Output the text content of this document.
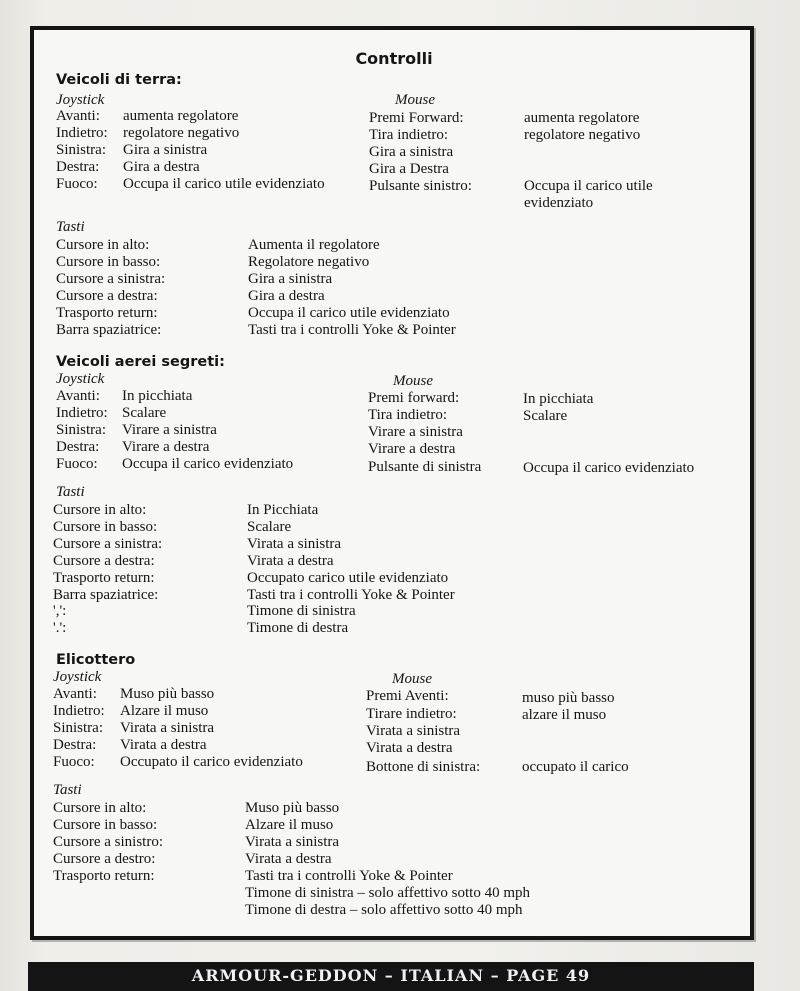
Controlli
Veicoli di terra:
Joystick	Mouse
Avanti: aumenta regolatore
Indietro: regolatore negativo
Sinistra: Gira a sinistra
Destra: Gira a destra
Fuoco: Occupa il carico utile evidenziato
Premi Forward:	aumenta regolatore
Tira indietro:	regolatore negativo
Gira a sinistra
Gira a Destra
Pulsante sinistro:	Occupa il carico utile
evidenziato
Tasti
Cursore in alto:	Aumenta il regolatore
Cursore in basso:	Regolatore negativo
Cursore a sinistra:	Gira a sinistra
Cursore a destra:	Gira a destra
Trasporto return:	Occupa il carico utile evidenziato
Barra spaziatrice:	Tasti tra i controlli Yoke & Pointer
Veicoli aerei segreti:
Joystick	Mouse
Avanti: In picchiata
Indietro: Scalare
Sinistra: Virare a sinistra
Destra: Virare a destra
Fuoco: Occupa il carico evidenziato
Premi forward:	In picchiata
Tira indietro:	Scalare
Virare a sinistra
Virare a destra
Pulsante di sinistra	Occupa il carico evidenziato
Tasti
Cursore in alto:	In Picchiata
Cursore in basso:	Scalare
Cursore a sinistra:	Virata a sinistra
Cursore a destra:	Virata a destra
Trasporto return:	Occupato carico utile evidenziato
Barra spaziatrice:	Tasti tra i controlli Yoke & Pointer
',':	Timone di sinistra
'.':	Timone di destra
Elicottero
Joystick	Mouse
Avanti: Muso più basso
Indietro: Alzare il muso
Sinistra: Virata a sinistra
Destra: Virata a destra
Fuoco: Occupato il carico evidenziato
Premi Aventi:	muso più basso
Tirare indietro:	alzare il muso
Virata a sinistra
Virata a destra
Bottone di sinistra:	occupato il carico
Tasti
Cursore in alto:	Muso più basso
Cursore in basso:	Alzare il muso
Cursore a sinistro:	Virata a sinistra
Cursore a destro:	Virata a destra
Trasporto return:	Tasti tra i controlli Yoke & Pointer
Timone di sinistra – solo affettivo sotto 40 mph
Timone di destra – solo affettivo sotto 40 mph
ARMOUR-GEDDON – ITALIAN – PAGE 49
